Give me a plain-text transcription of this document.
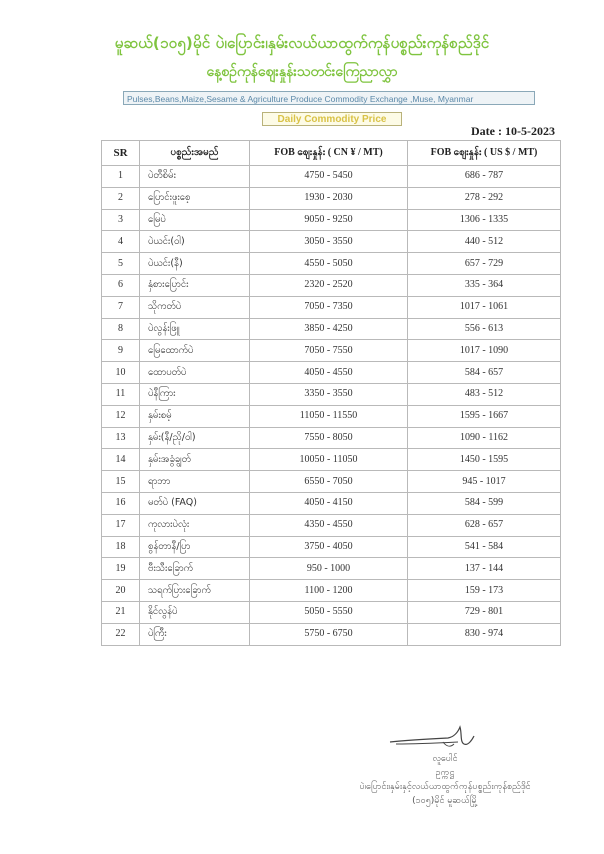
မူဆယ်(၁၀၅)မိုင် ပဲ၊ပြောင်း၊နှမ်းလယ်ယာထွက်ကုန်ပစ္စည်းကုန်စည်ဒိုင်
နေ့စဉ်ကုန်ဈေးနှုန်းသတင်းကြေညာလွှာ
Pulses,Beans,Maize,Sesame & Agriculture Produce Commodity Exchange ,Muse, Myanmar
Daily Commodity Price
Date : 10-5-2023
SR	ပစ္စည်းအမည်	FOB ဈေးနှုန်း ( CN ¥ / MT)	FOB ဈေးနှုန်း ( US $ / MT)
1	ပဲတီစိမ်း	4750 - 5450	686 - 787
2	ပြောင်းဖူးစေ့	1930 - 2030	278 - 292
3	မြေပဲ	9050 - 9250	1306 - 1335
4	ပဲယင်း(ဝါ)	3050 - 3550	440 - 512
5	ပဲယင်း(နီ)	4550 - 5050	657 - 729
6	နှံစားပြောင်း	2320 - 2520	335 - 364
7	သိုကတ်ပဲ	7050 - 7350	1017 - 1061
8	ပဲလွန်းဖြူ	3850 - 4250	556 - 613
9	မြေထောက်ပဲ	7050 - 7550	1017 - 1090
10	ထောပတ်ပဲ	4050 - 4550	584 - 657
11	ပဲနီကြား	3350 - 3550	483 - 512
12	နှမ်းစမ့်	11050 - 11550	1595 - 1667
13	နှမ်း(နီ/ညို/ဝါ)	7550 - 8050	1090 - 1162
14	နှမ်းအခွံချွတ်	10050 - 11050	1450 - 1595
15	ရာဘာ	6550 - 7050	945 - 1017
16	မတ်ပဲ (FAQ)	4050 - 4150	584 - 599
17	ကုလားပဲလုံး	4350 - 4550	628 - 657
18	စွန်တာနီ/ပြာ	3750 - 4050	541 - 584
19	ဗီးသီးခြောက်	950 - 1000	137 - 144
20	သရက်ပြားခြောက်	1100 - 1200	159 - 173
21	နိုင်လွန်ပဲ	5050 - 5550	729 - 801
22	ပဲကြီး	5750 - 6750	830 - 974
လူပေါင်
ဥက္ကဋ္ဌ
ပဲ၊ပြောင်း၊နှမ်းနှင့်လယ်ယာထွက်ကုန်ပစ္စည်းကုန်စည်ဒိုင်
(၁၀၅)မိုင် မူဆယ်မြို့
